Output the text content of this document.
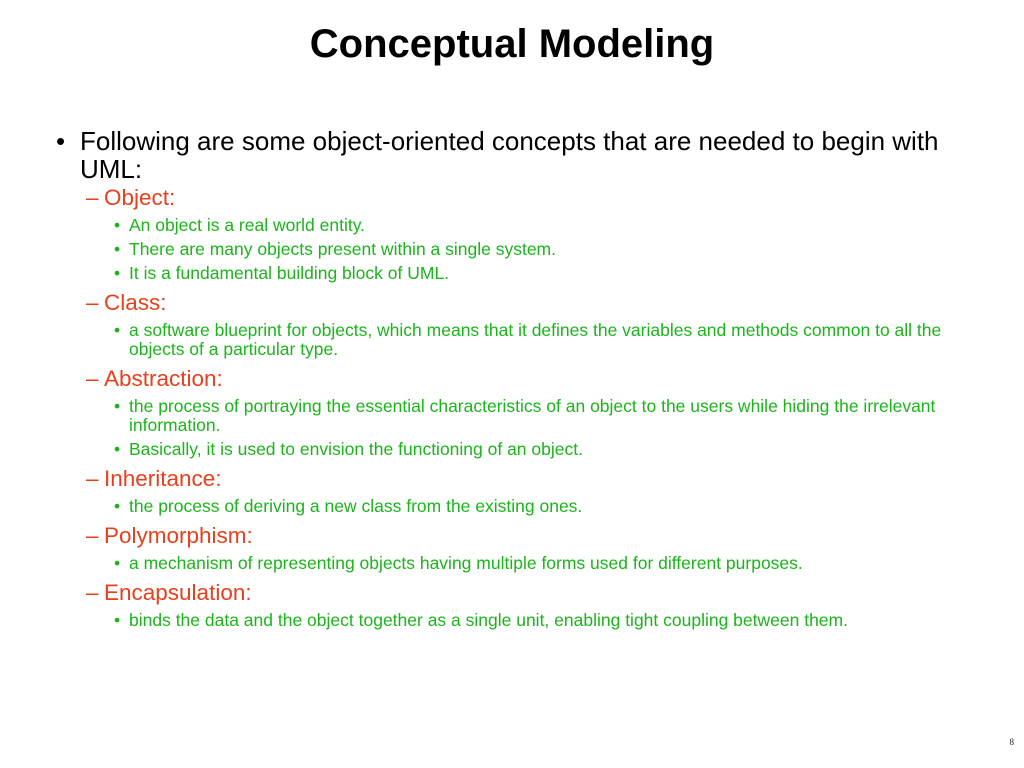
Conceptual Modeling
• Following are some object-oriented concepts that are needed to begin with UML:
– Object:
• An object is a real world entity.
• There are many objects present within a single system.
• It is a fundamental building block of UML.
– Class:
• a software blueprint for objects, which means that it defines the variables and methods common to all the objects of a particular type.
– Abstraction:
• the process of portraying the essential characteristics of an object to the users while hiding the irrelevant information.
• Basically, it is used to envision the functioning of an object.
– Inheritance:
• the process of deriving a new class from the existing ones.
– Polymorphism:
• a mechanism of representing objects having multiple forms used for different purposes.
– Encapsulation:
• binds the data and the object together as a single unit, enabling tight coupling between them.
8
